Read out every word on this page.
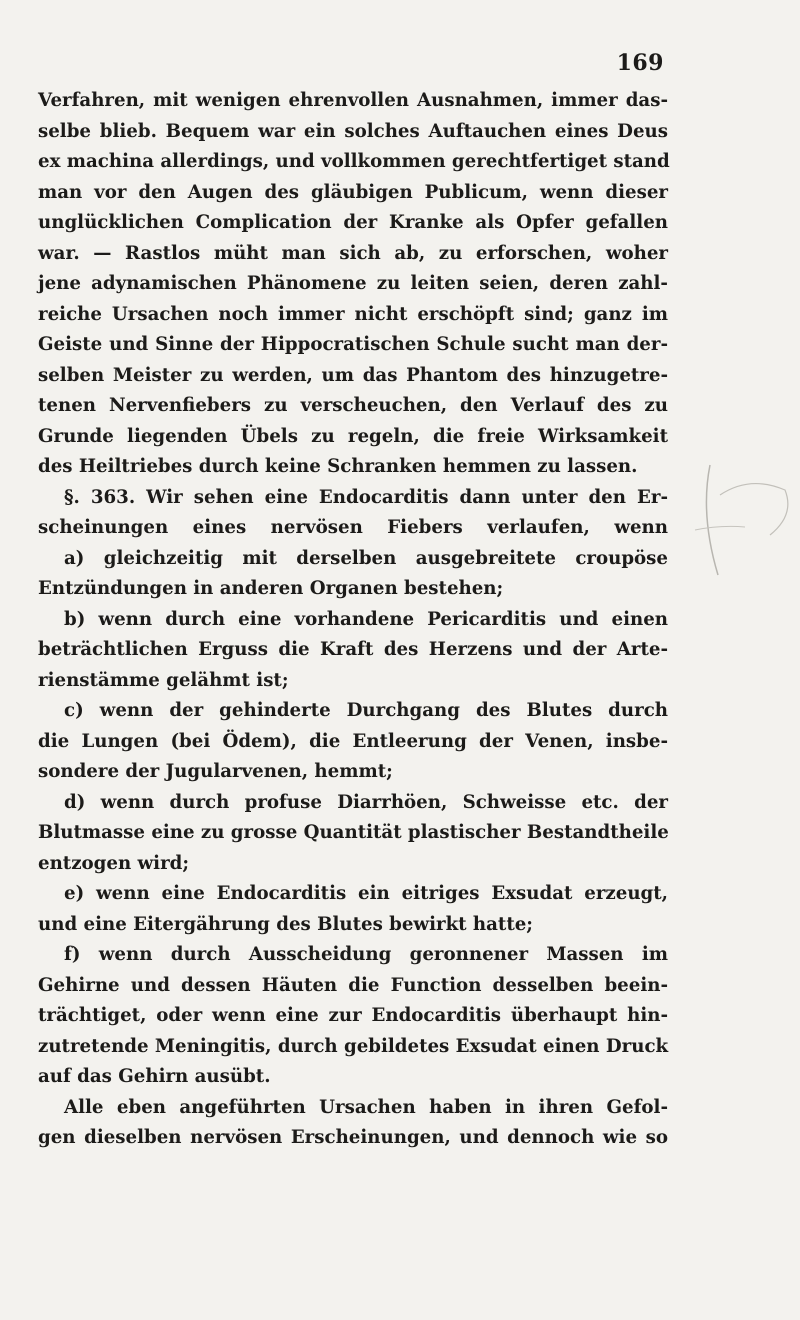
169
Verfahren, mit wenigen ehrenvollen Ausnahmen, immer das-
selbe blieb. Bequem war ein solches Auftauchen eines Deus
ex machina allerdings, und vollkommen gerechtfertiget stand
man vor den Augen des gläubigen Publicum, wenn dieser
unglücklichen Complication der Kranke als Opfer gefallen
war. — Rastlos müht man sich ab, zu erforschen, woher
jene adynamischen Phänomene zu leiten seien, deren zahl-
reiche Ursachen noch immer nicht erschöpft sind; ganz im
Geiste und Sinne der Hippocratischen Schule sucht man der-
selben Meister zu werden, um das Phantom des hinzugetre-
tenen Nervenfiebers zu verscheuchen, den Verlauf des zu
Grunde liegenden Übels zu regeln, die freie Wirksamkeit
des Heiltriebes durch keine Schranken hemmen zu lassen.
§. 363. Wir sehen eine Endocarditis dann unter den Er-
scheinungen eines nervösen Fiebers verlaufen, wenn
a) gleichzeitig mit derselben ausgebreitete croupöse
Entzündungen in anderen Organen bestehen;
b) wenn durch eine vorhandene Pericarditis und einen
beträchtlichen Erguss die Kraft des Herzens und der Arte-
rienstämme gelähmt ist;
c) wenn der gehinderte Durchgang des Blutes durch
die Lungen (bei Ödem), die Entleerung der Venen, insbe-
sondere der Jugularvenen, hemmt;
d) wenn durch profuse Diarrhöen, Schweisse etc. der
Blutmasse eine zu grosse Quantität plastischer Bestandtheile
entzogen wird;
e) wenn eine Endocarditis ein eitriges Exsudat erzeugt,
und eine Eitergährung des Blutes bewirkt hatte;
f) wenn durch Ausscheidung geronnener Massen im
Gehirne und dessen Häuten die Function desselben beein-
trächtiget, oder wenn eine zur Endocarditis überhaupt hin-
zutretende Meningitis, durch gebildetes Exsudat einen Druck
auf das Gehirn ausübt.
Alle eben angeführten Ursachen haben in ihren Gefol-
gen dieselben nervösen Erscheinungen, und dennoch wie so
